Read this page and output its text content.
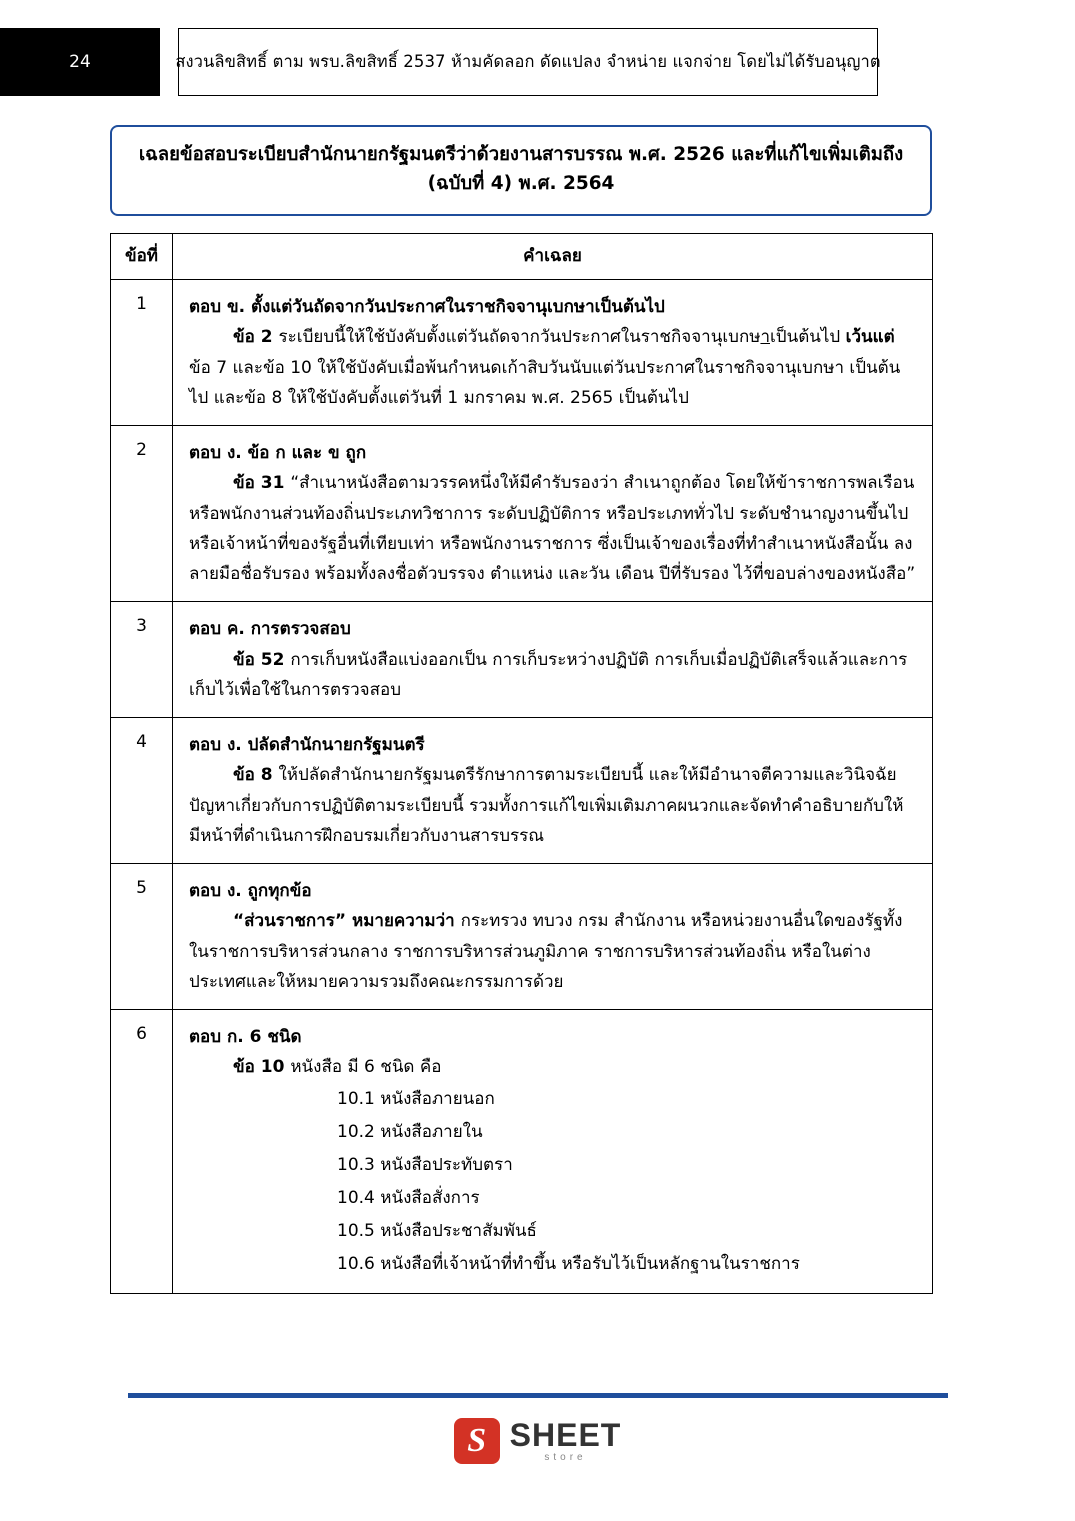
24	สงวนลิขสิทธิ์ ตาม พรบ.ลิขสิทธิ์ 2537 ห้ามคัดลอก ดัดแปลง จำหน่าย แจกจ่าย โดยไม่ได้รับอนุญาต
เฉลยข้อสอบระเบียบสำนักนายกรัฐมนตรีว่าด้วยงานสารบรรณ พ.ศ. 2526 และที่แก้ไขเพิ่มเติมถึง
(ฉบับที่ 4) พ.ศ. 2564
ข้อที่	คำเฉลย
1	ตอบ ข. ตั้งแต่วันถัดจากวันประกาศในราชกิจจานุเบกษาเป็นต้นไป

ข้อ 2 ระเบียบนี้ให้ใช้บังคับตั้งแต่วันถัดจากวันประกาศในราชกิจจานุเบกษาเป็นต้นไป เว้นแต่ข้อ 7 และข้อ 10 ให้ใช้บังคับเมื่อพ้นกำหนดเก้าสิบวันนับแต่วันประกาศในราชกิจจานุเบกษา เป็นต้นไป และข้อ 8 ให้ใช้บังคับตั้งแต่วันที่ 1 มกราคม พ.ศ. 2565 เป็นต้นไป

2	ตอบ ง. ข้อ ก และ ข ถูก

ข้อ 31 “สำเนาหนังสือตามวรรคหนึ่งให้มีคำรับรองว่า สำเนาถูกต้อง โดยให้ข้าราชการพลเรือนหรือพนักงานส่วนท้องถิ่นประเภทวิชาการ ระดับปฏิบัติการ หรือประเภททั่วไป ระดับชำนาญงานขึ้นไปหรือเจ้าหน้าที่ของรัฐอื่นที่เทียบเท่า หรือพนักงานราชการ ซึ่งเป็นเจ้าของเรื่องที่ทำสำเนาหนังสือนั้น ลงลายมือชื่อรับรอง พร้อมทั้งลงชื่อตัวบรรจง ตำแหน่ง และวัน เดือน ปีที่รับรอง ไว้ที่ขอบล่างของหนังสือ”

3	ตอบ ค. การตรวจสอบ

ข้อ 52 การเก็บหนังสือแบ่งออกเป็น การเก็บระหว่างปฏิบัติ การเก็บเมื่อปฏิบัติเสร็จแล้วและการเก็บไว้เพื่อใช้ในการตรวจสอบ

4	ตอบ ง. ปลัดสำนักนายกรัฐมนตรี

ข้อ 8 ให้ปลัดสำนักนายกรัฐมนตรีรักษาการตามระเบียบนี้ และให้มีอำนาจตีความและวินิจฉัยปัญหาเกี่ยวกับการปฏิบัติตามระเบียบนี้ รวมทั้งการแก้ไขเพิ่มเติมภาคผนวกและจัดทำคำอธิบายกับให้มีหน้าที่ดำเนินการฝึกอบรมเกี่ยวกับงานสารบรรณ

5	ตอบ ง. ถูกทุกข้อ

“ส่วนราชการ” หมายความว่า กระทรวง ทบวง กรม สำนักงาน หรือหน่วยงานอื่นใดของรัฐทั้งในราชการบริหารส่วนกลาง ราชการบริหารส่วนภูมิภาค ราชการบริหารส่วนท้องถิ่น หรือในต่างประเทศและให้หมายความรวมถึงคณะกรรมการด้วย

6	ตอบ ก. 6 ชนิด

ข้อ 10 หนังสือ มี 6 ชนิด คือ

10.1 หนังสือภายนอก

10.2 หนังสือภายใน

10.3 หนังสือประทับตรา

10.4 หนังสือสั่งการ

10.5 หนังสือประชาสัมพันธ์

10.6 หนังสือที่เจ้าหน้าที่ทำขึ้น หรือรับไว้เป็นหลักฐานในราชการ

S SHEET
store
